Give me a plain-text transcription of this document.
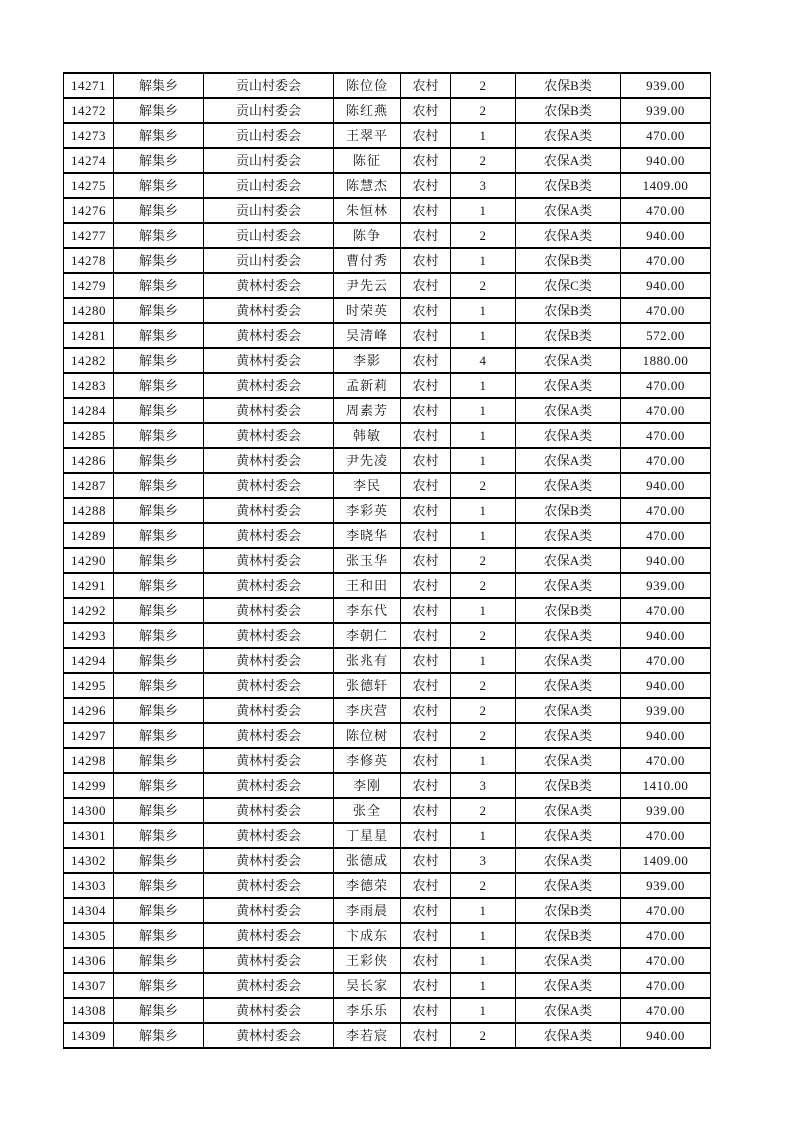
14271	解集乡	贡山村委会	陈位俭	农村	2	农保B类	939.00
14272	解集乡	贡山村委会	陈红燕	农村	2	农保B类	939.00
14273	解集乡	贡山村委会	王翠平	农村	1	农保A类	470.00
14274	解集乡	贡山村委会	陈征	农村	2	农保A类	940.00
14275	解集乡	贡山村委会	陈慧杰	农村	3	农保B类	1409.00
14276	解集乡	贡山村委会	朱恒林	农村	1	农保A类	470.00
14277	解集乡	贡山村委会	陈争	农村	2	农保A类	940.00
14278	解集乡	贡山村委会	曹付秀	农村	1	农保B类	470.00
14279	解集乡	黄林村委会	尹先云	农村	2	农保C类	940.00
14280	解集乡	黄林村委会	时荣英	农村	1	农保B类	470.00
14281	解集乡	黄林村委会	吴清峰	农村	1	农保B类	572.00
14282	解集乡	黄林村委会	李影	农村	4	农保A类	1880.00
14283	解集乡	黄林村委会	孟新莉	农村	1	农保A类	470.00
14284	解集乡	黄林村委会	周素芳	农村	1	农保A类	470.00
14285	解集乡	黄林村委会	韩敏	农村	1	农保A类	470.00
14286	解集乡	黄林村委会	尹先凌	农村	1	农保A类	470.00
14287	解集乡	黄林村委会	李民	农村	2	农保A类	940.00
14288	解集乡	黄林村委会	李彩英	农村	1	农保B类	470.00
14289	解集乡	黄林村委会	李晓华	农村	1	农保A类	470.00
14290	解集乡	黄林村委会	张玉华	农村	2	农保A类	940.00
14291	解集乡	黄林村委会	王和田	农村	2	农保A类	939.00
14292	解集乡	黄林村委会	李东代	农村	1	农保B类	470.00
14293	解集乡	黄林村委会	李朝仁	农村	2	农保A类	940.00
14294	解集乡	黄林村委会	张兆有	农村	1	农保A类	470.00
14295	解集乡	黄林村委会	张德轩	农村	2	农保A类	940.00
14296	解集乡	黄林村委会	李庆营	农村	2	农保A类	939.00
14297	解集乡	黄林村委会	陈位树	农村	2	农保A类	940.00
14298	解集乡	黄林村委会	李修英	农村	1	农保A类	470.00
14299	解集乡	黄林村委会	李刚	农村	3	农保B类	1410.00
14300	解集乡	黄林村委会	张全	农村	2	农保A类	939.00
14301	解集乡	黄林村委会	丁星星	农村	1	农保A类	470.00
14302	解集乡	黄林村委会	张德成	农村	3	农保A类	1409.00
14303	解集乡	黄林村委会	李德荣	农村	2	农保A类	939.00
14304	解集乡	黄林村委会	李雨晨	农村	1	农保B类	470.00
14305	解集乡	黄林村委会	卞成东	农村	1	农保B类	470.00
14306	解集乡	黄林村委会	王彩侠	农村	1	农保A类	470.00
14307	解集乡	黄林村委会	吴长家	农村	1	农保A类	470.00
14308	解集乡	黄林村委会	李乐乐	农村	1	农保A类	470.00
14309	解集乡	黄林村委会	李若宸	农村	2	农保A类	940.00
